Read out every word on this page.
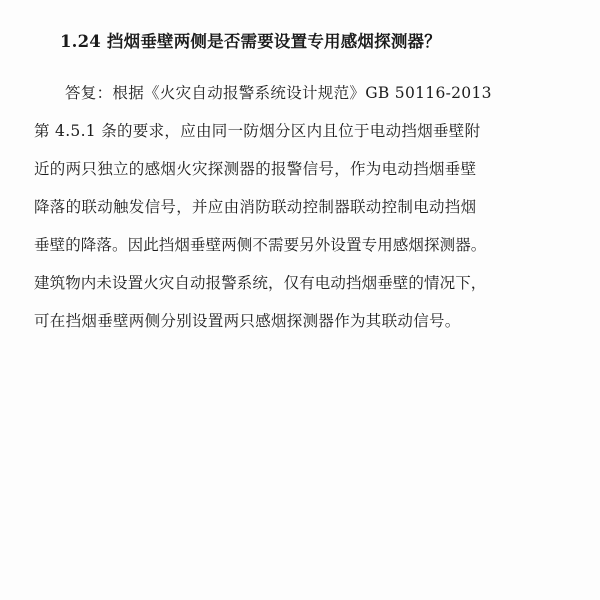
1.24 挡烟垂壁两侧是否需要设置专用感烟探测器？

答复：根据《火灾自动报警系统设计规范》GB 50116-2013

第 4.5.1 条的要求，应由同一防烟分区内且位于电动挡烟垂壁附

近的两只独立的感烟火灾探测器的报警信号，作为电动挡烟垂壁

降落的联动触发信号，并应由消防联动控制器联动控制电动挡烟

垂壁的降落。因此挡烟垂壁两侧不需要另外设置专用感烟探测器。

建筑物内未设置火灾自动报警系统，仅有电动挡烟垂壁的情况下，

可在挡烟垂壁两侧分别设置两只感烟探测器作为其联动信号。
